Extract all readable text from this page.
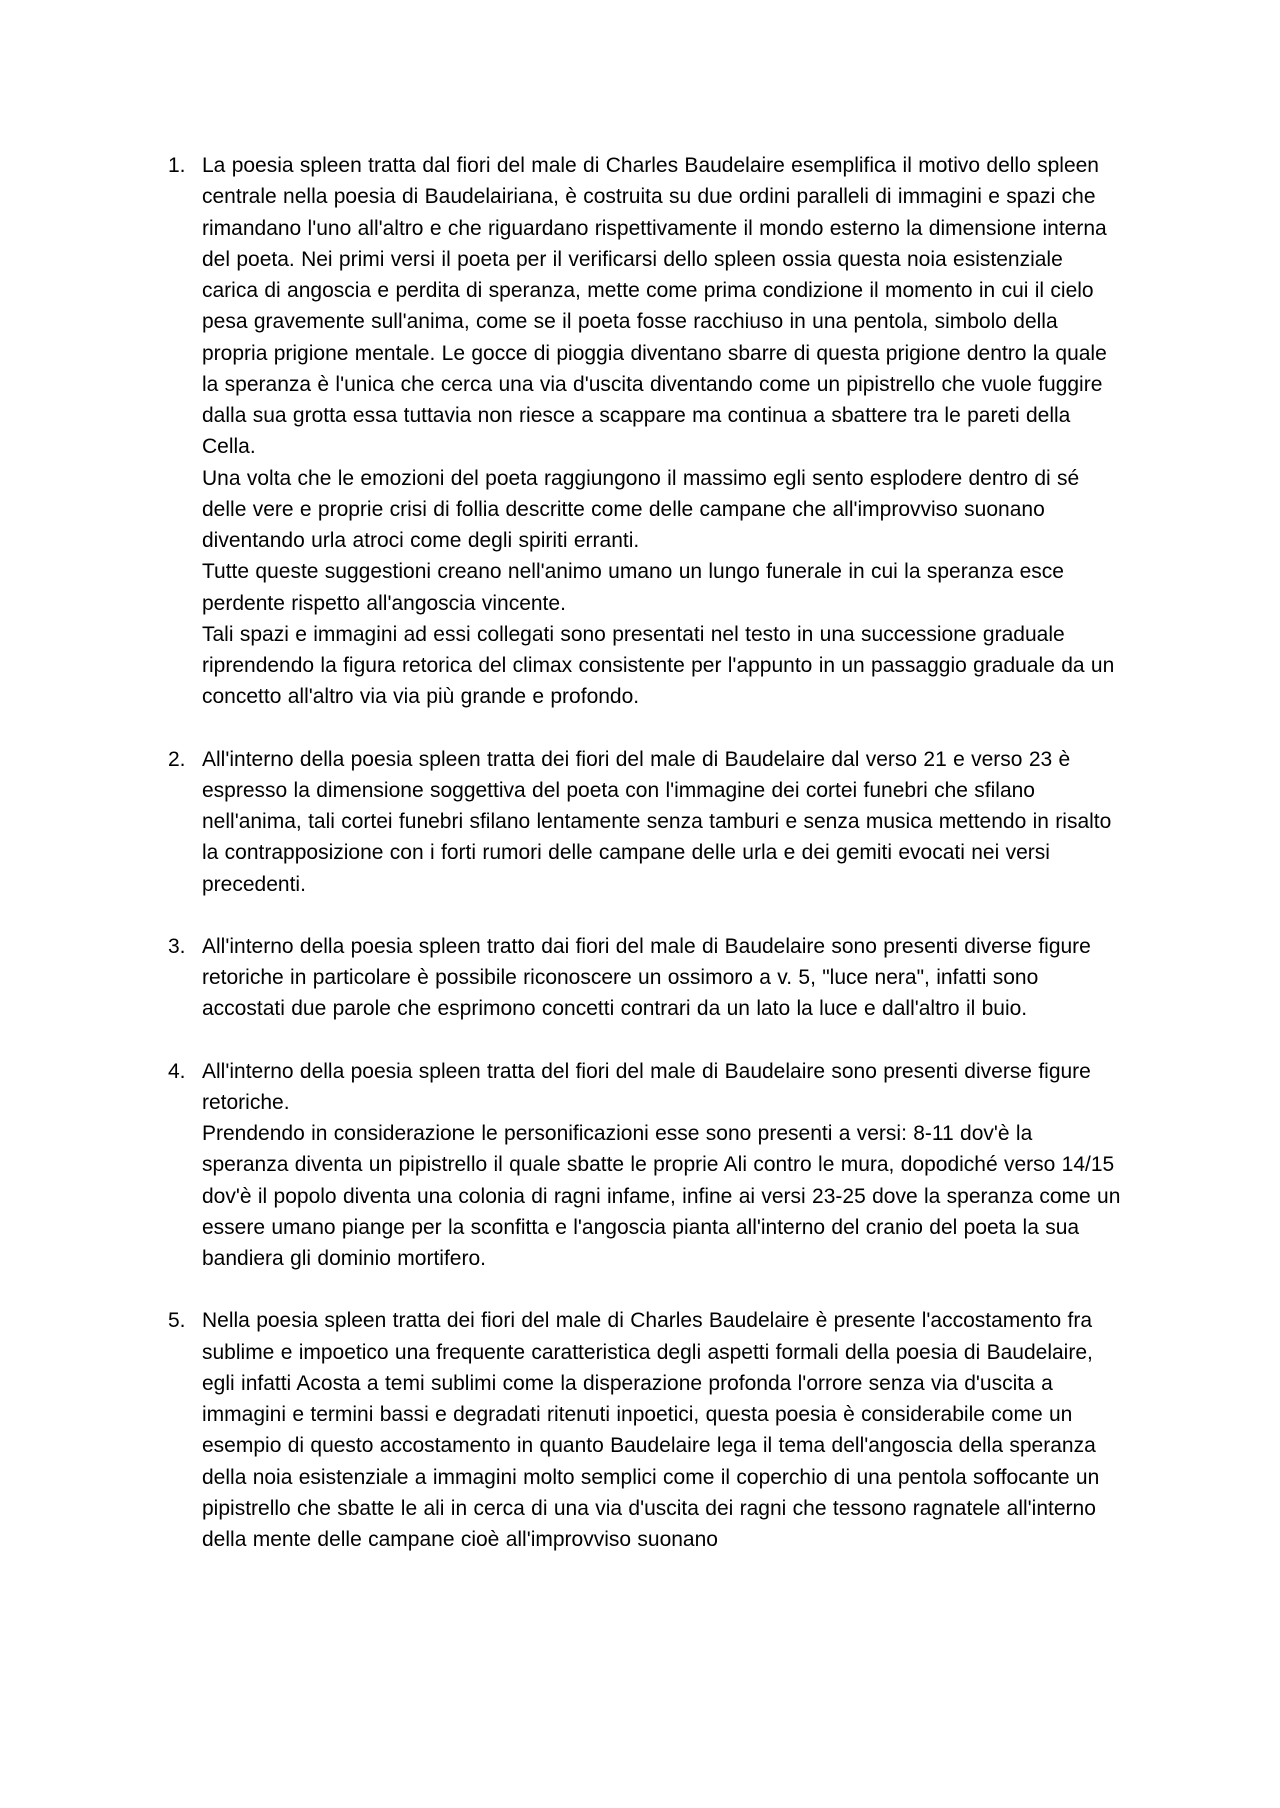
1. La poesia spleen tratta dal fiori del male di Charles Baudelaire esemplifica il motivo dello spleen centrale nella poesia di Baudelairiana, è costruita su due ordini paralleli di immagini e spazi che rimandano l'uno all'altro e che riguardano rispettivamente il mondo esterno la dimensione interna del poeta. Nei primi versi il poeta per il verificarsi dello spleen ossia questa noia esistenziale carica di angoscia e perdita di speranza, mette come prima condizione il momento in cui il cielo pesa gravemente sull'anima, come se il poeta fosse racchiuso in una pentola, simbolo della propria prigione mentale. Le gocce di pioggia diventano sbarre di questa prigione dentro la quale la speranza è l'unica che cerca una via d'uscita diventando come un pipistrello che vuole fuggire dalla sua grotta essa tuttavia non riesce a scappare ma continua a sbattere tra le pareti della Cella.
Una volta che le emozioni del poeta raggiungono il massimo egli sento esplodere dentro di sé delle vere e proprie crisi di follia descritte come delle campane che all'improvviso suonano diventando urla atroci come degli spiriti erranti.
Tutte queste suggestioni creano nell'animo umano un lungo funerale in cui la speranza esce perdente rispetto all'angoscia vincente.
Tali spazi e immagini ad essi collegati sono presentati nel testo in una successione graduale riprendendo la figura retorica del climax consistente per l'appunto in un passaggio graduale da un concetto all'altro via via più grande e profondo.
2. All'interno della poesia spleen tratta dei fiori del male di Baudelaire dal verso 21 e verso 23 è espresso la dimensione soggettiva del poeta con l'immagine dei cortei funebri che sfilano nell'anima, tali cortei funebri sfilano lentamente senza tamburi e senza musica mettendo in risalto la contrapposizione con i forti rumori delle campane delle urla e dei gemiti evocati nei versi precedenti.
3. All'interno della poesia spleen tratto dai fiori del male di Baudelaire sono presenti diverse figure retoriche in particolare è possibile riconoscere un ossimoro a v. 5, "luce nera", infatti sono accostati due parole che esprimono concetti contrari da un lato la luce e dall'altro il buio.
4. All'interno della poesia spleen tratta del fiori del male di Baudelaire sono presenti diverse figure retoriche.
Prendendo in considerazione le personificazioni esse sono presenti a versi: 8-11 dov'è la speranza diventa un pipistrello il quale sbatte le proprie Ali contro le mura, dopodiché verso 14/15 dov'è il popolo diventa una colonia di ragni infame, infine ai versi 23-25 dove la speranza come un essere umano piange per la sconfitta e l'angoscia pianta all'interno del cranio del poeta la sua bandiera gli dominio mortifero.
5. Nella poesia spleen tratta dei fiori del male di Charles Baudelaire è presente l'accostamento fra sublime e impoetico una frequente caratteristica degli aspetti formali della poesia di Baudelaire, egli infatti Acosta a temi sublimi come la disperazione profonda l'orrore senza via d'uscita a immagini e termini bassi e degradati ritenuti inpoetici, questa poesia è considerabile come un esempio di questo accostamento in quanto Baudelaire lega il tema dell'angoscia della speranza della noia esistenziale a immagini molto semplici come il coperchio di una pentola soffocante un pipistrello che sbatte le ali in cerca di una via d'uscita dei ragni che tessono ragnatele all'interno della mente delle campane cioè all'improvviso suonano
